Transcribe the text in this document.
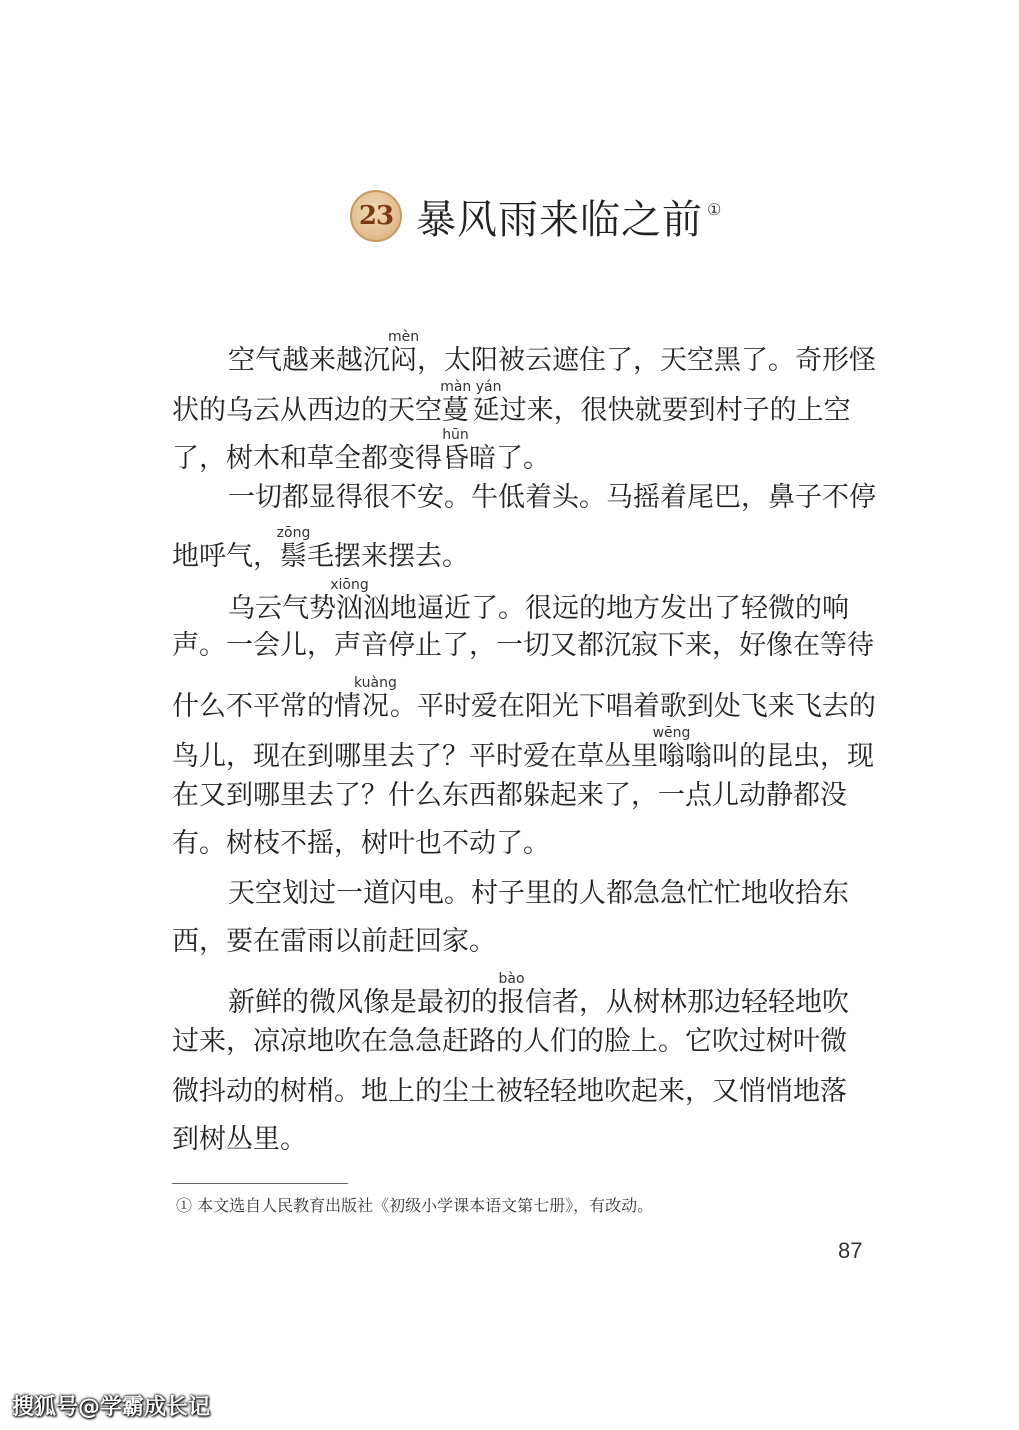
23 暴风雨来临之前 ①
空气越来越沉闷mèn，太阳被云遮住了，天空黑了。奇形怪
状的乌云从西边的天空蔓延màn yán过来，很快就要到村子的上空
了，树木和草全都变得昏hūn暗了。
一切都显得很不安。牛低着头。马摇着尾巴，鼻子不停
地呼气，鬃zōng毛摆来摆去。
乌云气势汹xiōng汹地逼近了。很远的地方发出了轻微的响
声。一会儿，声音停止了，一切又都沉寂下来，好像在等待
什么不平常的情况kuàng。平时爱在阳光下唱着歌到处飞来飞去的
鸟儿，现在到哪里去了？平时爱在草丛里嗡wēng嗡叫的昆虫，现
在又到哪里去了？什么东西都躲起来了，一点儿动静都没
有。树枝不摇，树叶也不动了。
天空划过一道闪电。村子里的人都急急忙忙地收拾东
西，要在雷雨以前赶回家。
新鲜的微风像是最初的报bào信者，从树林那边轻轻地吹
过来，凉凉地吹在急急赶路的人们的脸上。它吹过树叶微
微抖动的树梢。地上的尘土被轻轻地吹起来，又悄悄地落
到树丛里。
① 本文选自人民教育出版社《初级小学课本语文第七册》，有改动。
87
搜狐号@学霸成长记
